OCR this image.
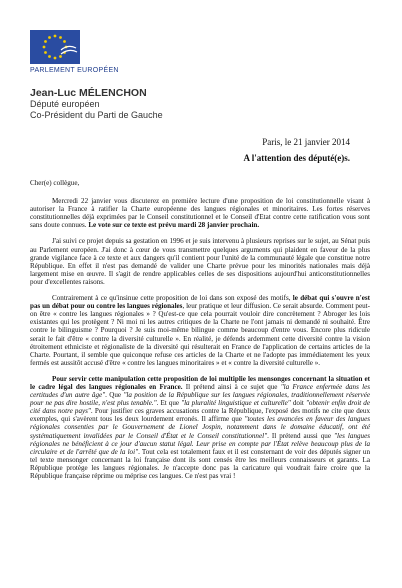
PARLEMENT EUROPÉEN
Jean-Luc MÉLENCHON
Député européen
Co-Président du Parti de Gauche
Paris, le 21 janvier 2014
A l'attention des député(e)s.

Cher(e) collègue,

Mercredi 22 janvier vous discuterez en première lecture d'une proposition de loi constitutionnelle visant à autoriser la France à ratifier la Charte européenne des langues régionales et minoritaires. Les fortes réserves constitutionnelles déjà exprimées par le Conseil constitutionnel et le Conseil d'Etat contre cette ratification vous sont sans doute connues. Le vote sur ce texte est prévu mardi 28 janvier prochain.

J'ai suivi ce projet depuis sa gestation en 1996 et je suis intervenu à plusieurs reprises sur le sujet, au Sénat puis au Parlement européen. J'ai donc à cœur de vous transmettre quelques arguments qui plaident en faveur de la plus grande vigilance face à ce texte et aux dangers qu'il contient pour l'unité de la communauté légale que constitue notre République. En effet il n'est pas demandé de valider une Charte prévue pour les minorités nationales mais déjà largement mise en œuvre. Il s'agit de rendre applicables celles de ses dispositions aujourd'hui anticonstitutionnelles pour d'excellentes raisons.

Contrairement à ce qu'insinue cette proposition de loi dans son exposé des motifs, le débat qui s'ouvre n'est pas un débat pour ou contre les langues régionales, leur pratique et leur diffusion. Ce serait absurde. Comment peut-on être « contre les langues régionales » ? Qu'est-ce que cela pourrait vouloir dire concrètement ? Abroger les lois existantes qui les protègent ? Ni moi ni les autres critiques de la Charte ne l'ont jamais ni demandé ni souhaité. Être contre le bilinguisme ? Pourquoi ? Je suis moi-même bilingue comme beaucoup d'entre vous. Encore plus ridicule serait le fait d'être « contre la diversité culturelle ». En réalité, je défends ardemment cette diversité contre la vision étroitement ethniciste et régionaliste de la diversité qui résulterait en France de l'application de certains articles de la Charte. Pourtant, il semble que quiconque refuse ces articles de la Charte et ne l'adopte pas immédiatement les yeux fermés est aussitôt accusé d'être « contre les langues minoritaires » et « contre la diversité culturelle ».

Pour servir cette manipulation cette proposition de loi multiplie les mensonges concernant la situation et le cadre légal des langues régionales en France. Il prétend ainsi à ce sujet que "la France enfermée dans les certitudes d'un autre âge". Que "la position de la République sur les langues régionales, traditionnellement réservée pour ne pas dire hostile, n'est plus tenable.". Et que "la pluralité linguistique et culturelle" doit "obtenir enfin droit de cité dans notre pays". Pour justifier ces graves accusations contre la République, l'exposé des motifs ne cite que deux exemples, qui s'avèrent tous les deux lourdement erronés. Il affirme que "toutes les avancées en faveur des langues régionales consenties par le Gouvernement de Lionel Jospin, notamment dans le domaine éducatif, ont été systématiquement invalidées par le Conseil d'État et le Conseil constitutionnel". Il prétend aussi que "les langues régionales ne bénéficient à ce jour d'aucun statut légal. Leur prise en compte par l'État relève beaucoup plus de la circulaire et de l'arrêté que de la loi". Tout cela est totalement faux et il est consternant de voir des députés signer un tel texte mensonger concernant la loi française dont ils sont censés être les meilleurs connaisseurs et garants. La République protège les langues régionales. Je n'accepte donc pas la caricature qui voudrait faire croire que la République française réprime ou méprise ces langues. Ce n'est pas vrai !
